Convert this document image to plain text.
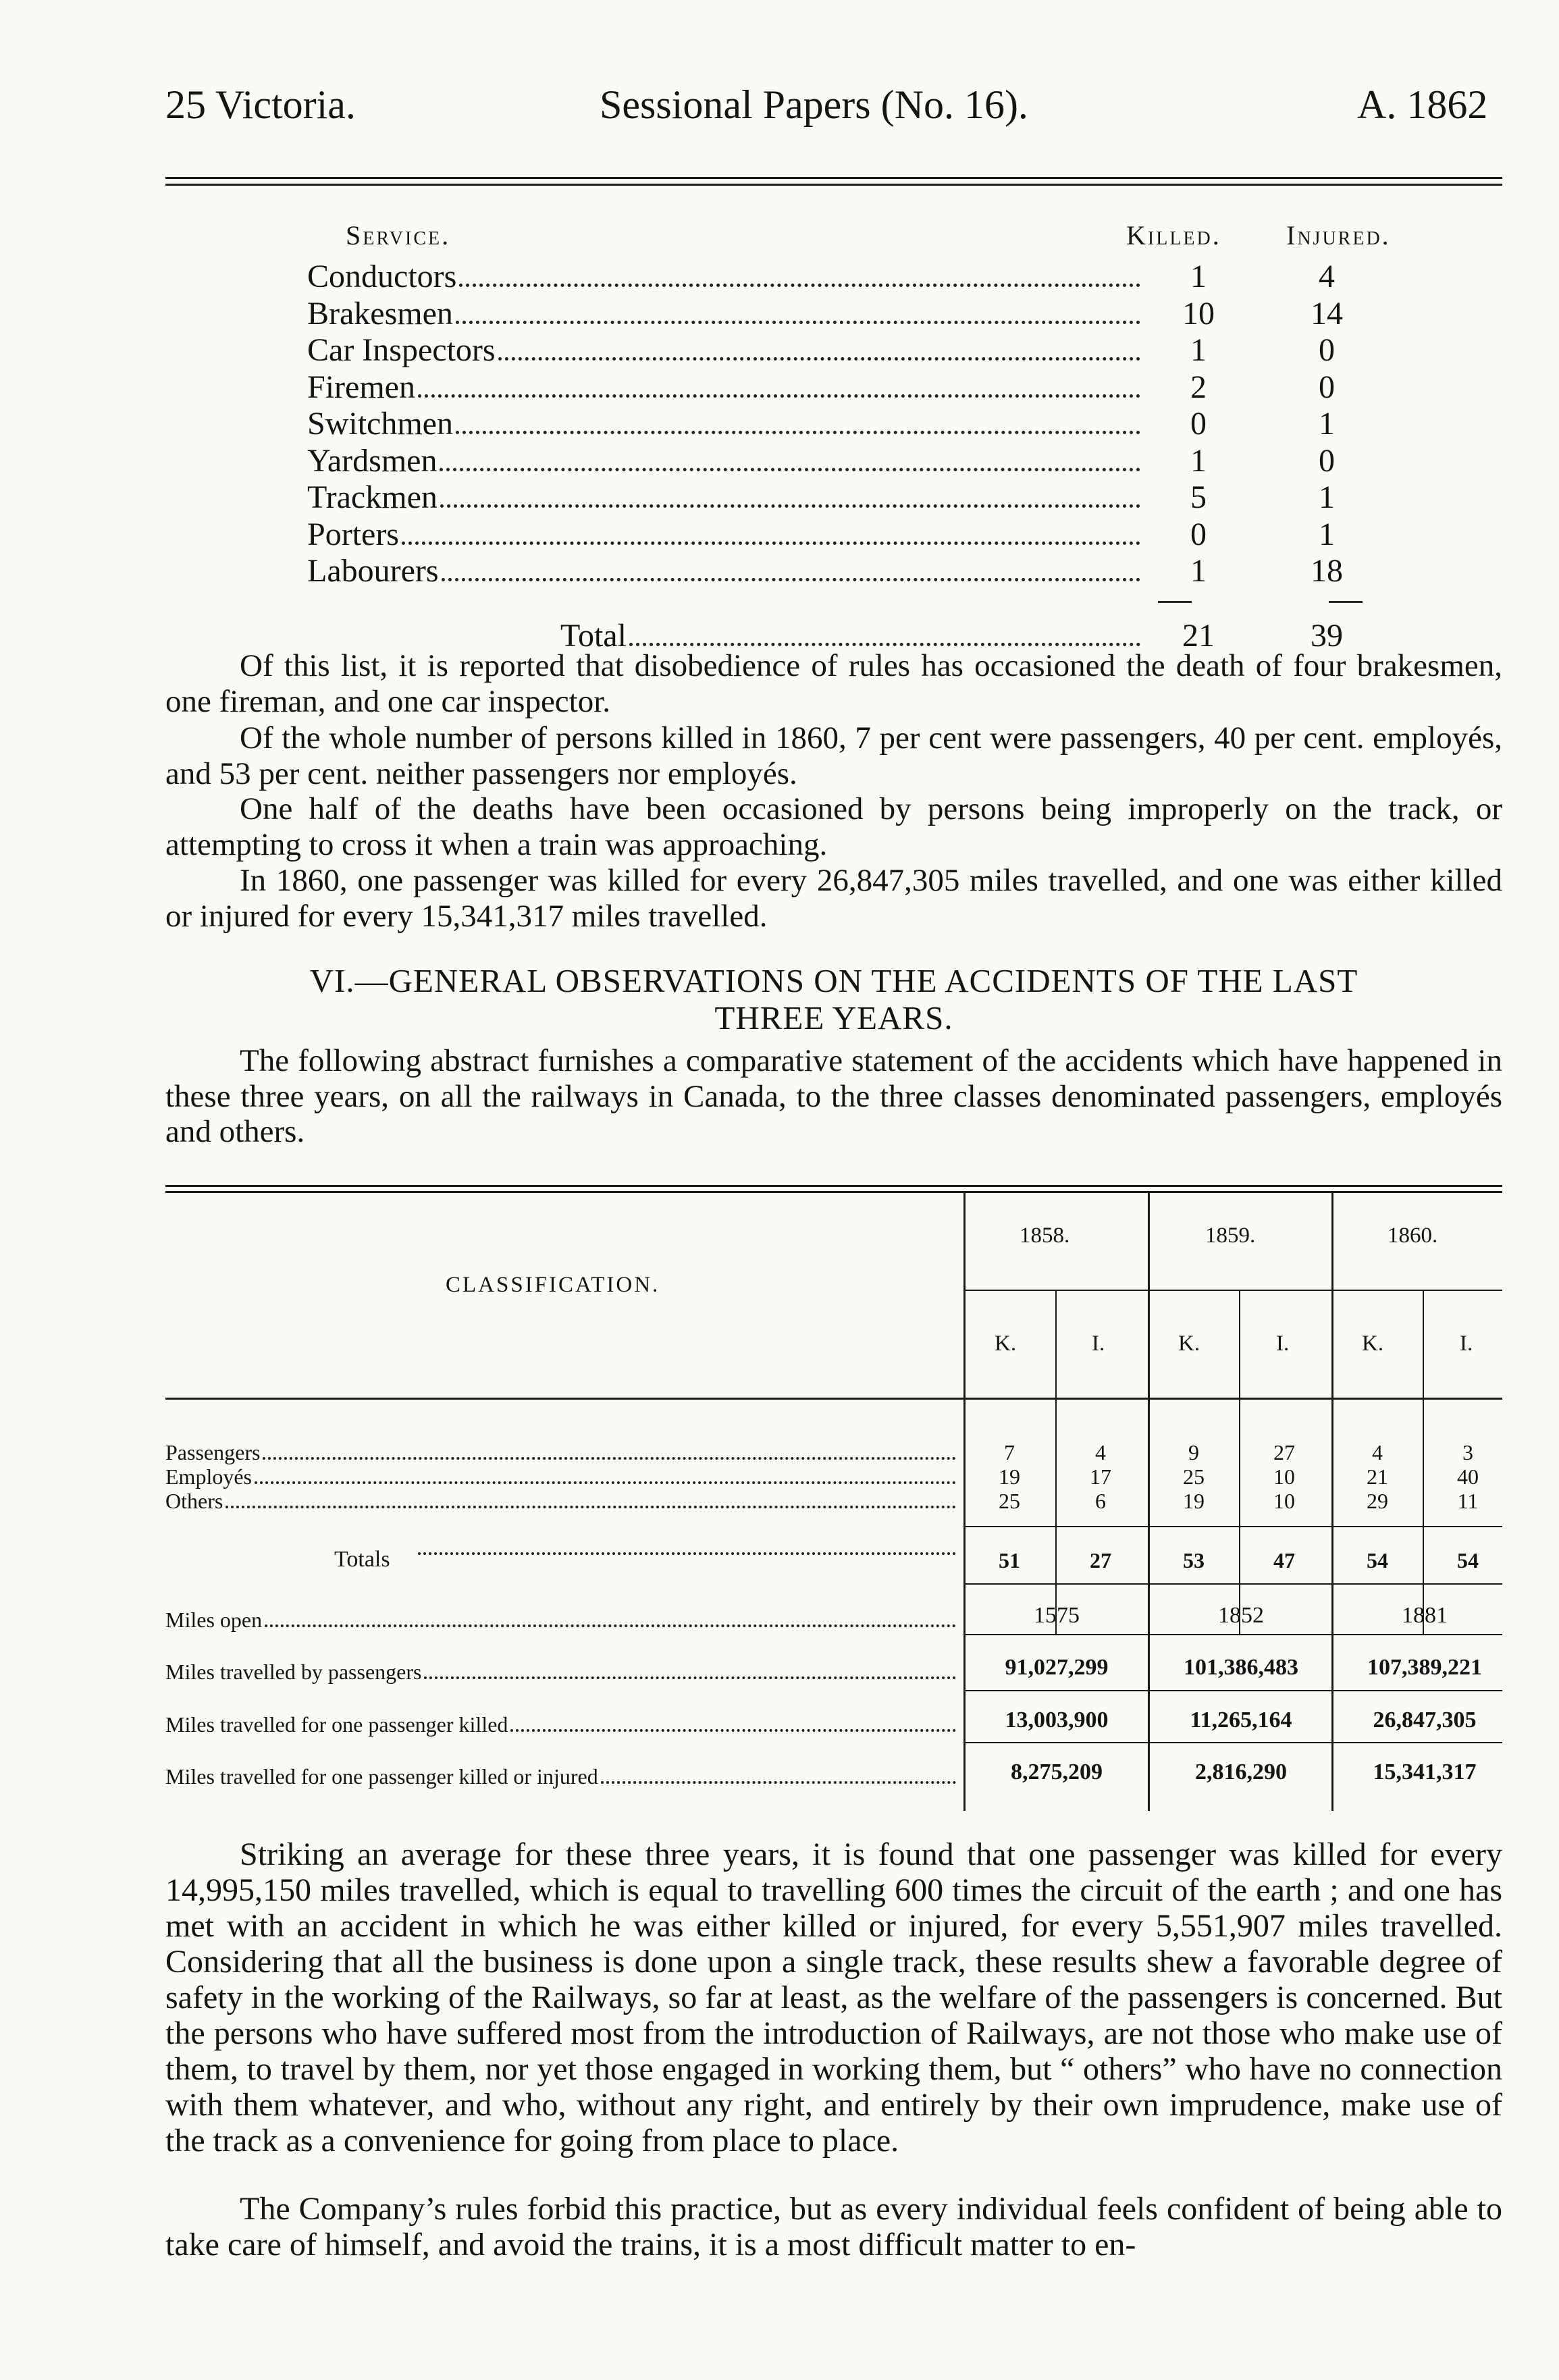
25 Victoria.	Sessional Papers (No. 16).	A. 1862
Service.	Killed. Injured.
Conductors	1	4
Brakesmen	10	14
Car Inspectors	1	0
Firemen	2	0
Switchmen	0	1
Yardsmen	1	0
Trackmen	5	1
Porters	0	1
Labourers	1	18
Total	21	39

Of this list, it is reported that disobedience of rules has occasioned the death of four brakesmen, one fireman, and one car inspector.

Of the whole number of persons killed in 1860, 7 per cent were passengers, 40 per cent. employés, and 53 per cent. neither passengers nor employés.

One half of the deaths have been occasioned by persons being improperly on the track, or attempting to cross it when a train was approaching.

In 1860, one passenger was killed for every 26,847,305 miles travelled, and one was either killed or injured for every 15,341,317 miles travelled.

VI.—GENERAL OBSERVATIONS ON THE ACCIDENTS OF THE LAST
THREE YEARS.

The following abstract furnishes a comparative statement of the accidents which have happened in these three years, on all the railways in Canada, to the three classes denominated passengers, employés and others.

CLASSIFICATION.
1858.	1859.	1860.
K.	I.	K.	I.	K.	I.
Passengers	7	4	9	27	4	3
Employés	19	17	25	10	21	40
Others	25	6	19	10	29	11
Totals	51	27	53	47	54	54
Miles open	1575	1852	1881
Miles travelled by passengers	91,027,299	101,386,483	107,389,221
Miles travelled for one passenger killed	13,003,900	11,265,164	26,847,305
Miles travelled for one passenger killed or injured	8,275,209	2,816,290	15,341,317

Striking an average for these three years, it is found that one passenger was killed for every 14,995,150 miles travelled, which is equal to travelling 600 times the circuit of the earth ; and one has met with an accident in which he was either killed or injured, for every 5,551,907 miles travelled. Considering that all the business is done upon a single track, these results shew a favorable degree of safety in the working of the Railways, so far at least, as the welfare of the passengers is concerned. But the persons who have suffered most from the introduction of Railways, are not those who make use of them, to travel by them, nor yet those engaged in working them, but “ others” who have no connection with them whatever, and who, without any right, and entirely by their own imprudence, make use of the track as a convenience for going from place to place.

The Company’s rules forbid this practice, but as every individual feels confident of being able to take care of himself, and avoid the trains, it is a most difficult matter to en-
